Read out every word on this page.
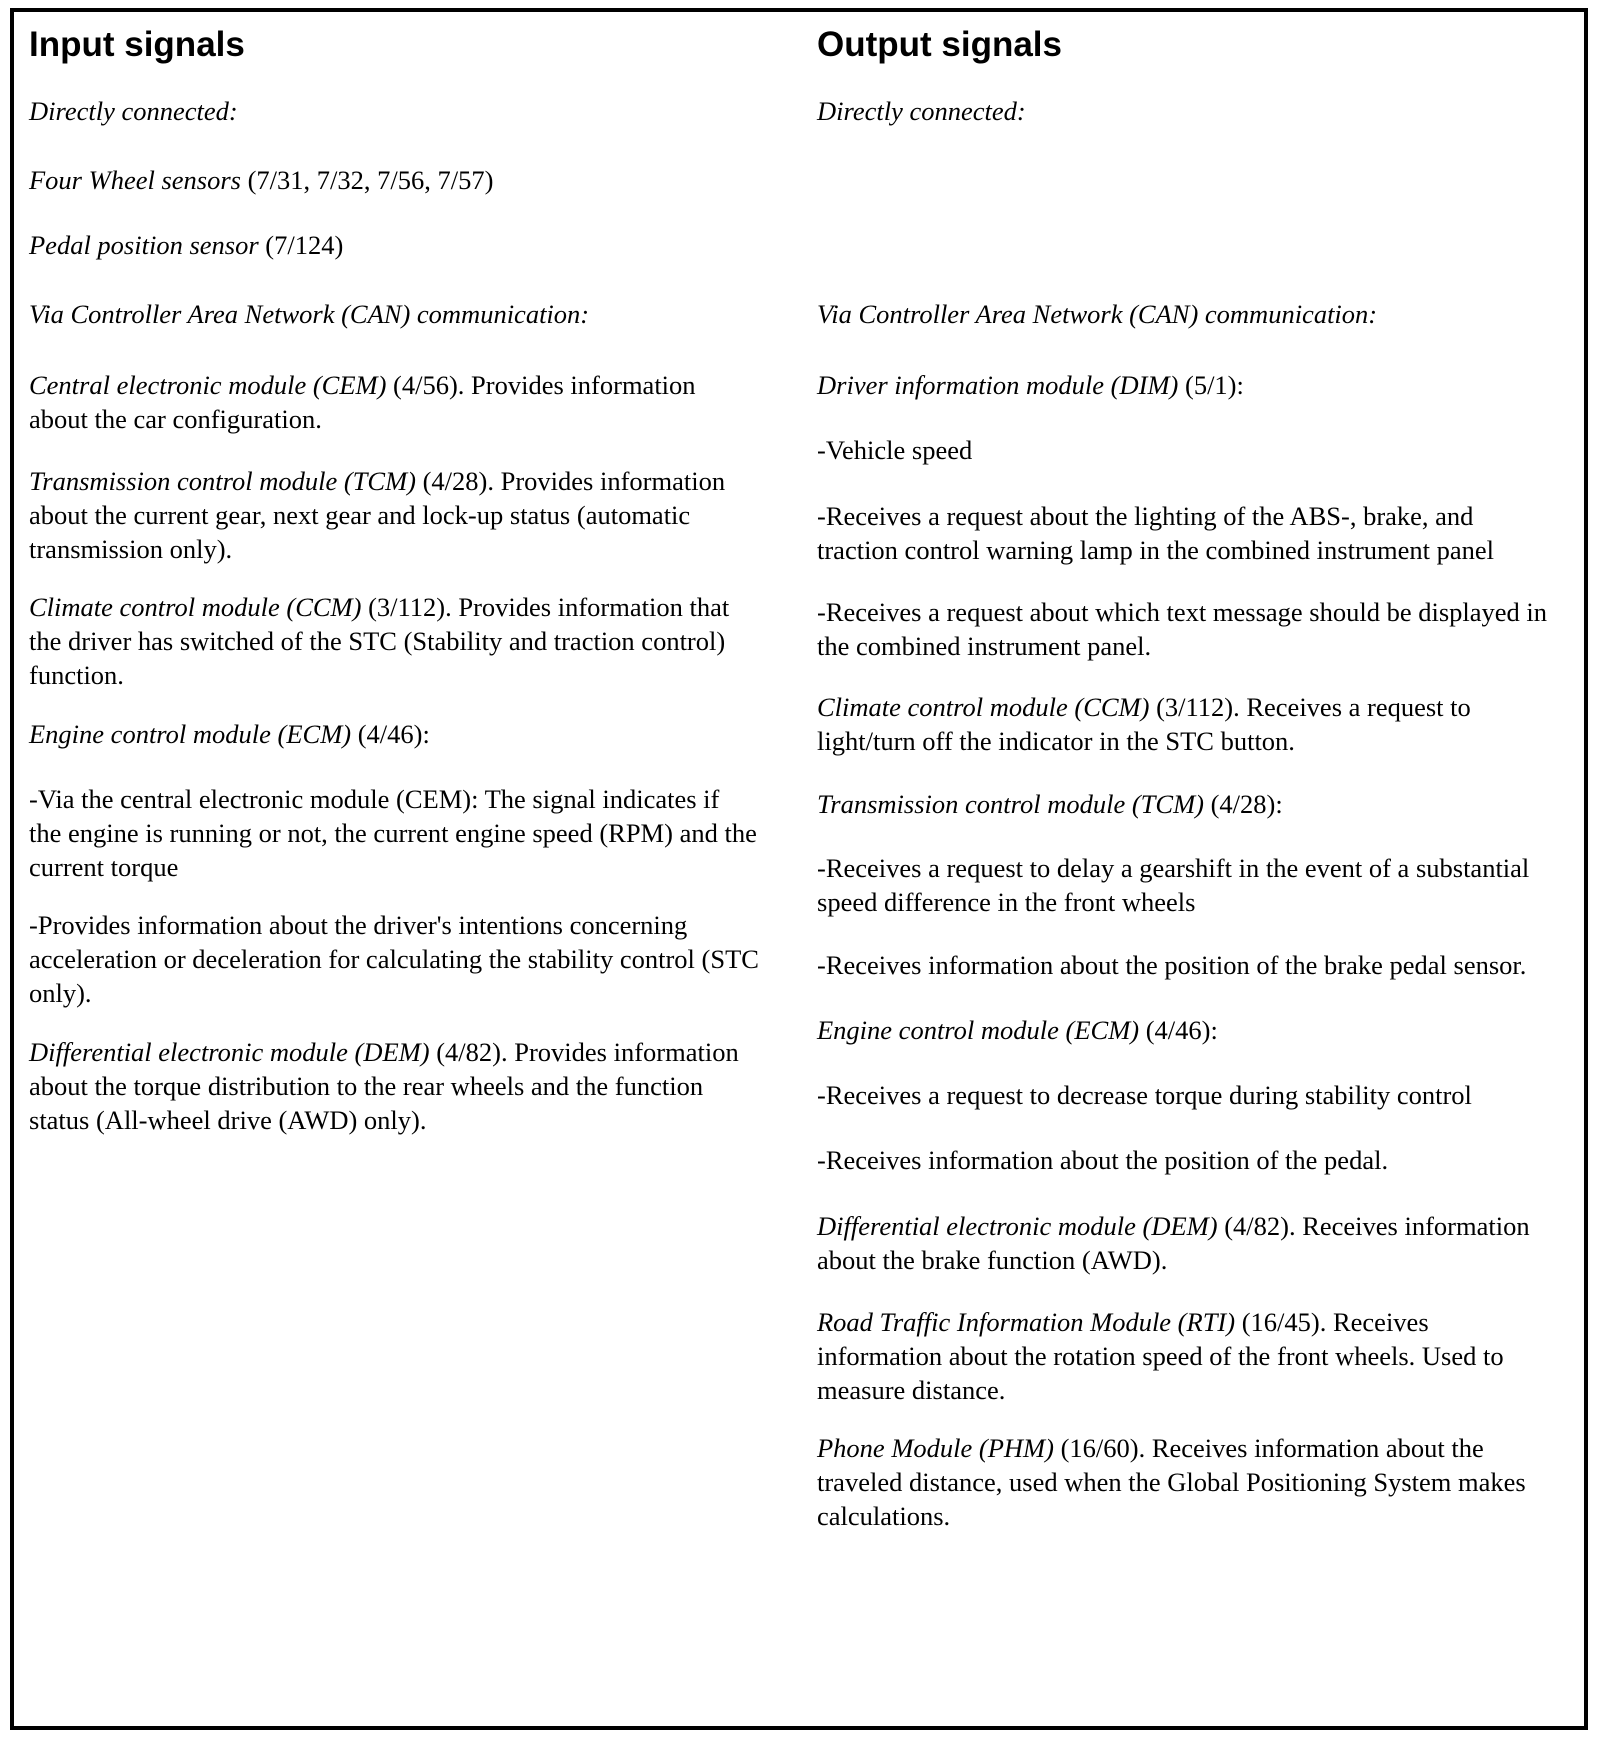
Input signals
Directly connected:
Four Wheel sensors (7/31, 7/32, 7/56, 7/57)
Pedal position sensor (7/124)
Via Controller Area Network (CAN) communication:
Central electronic module (CEM) (4/56). Provides information
about the car configuration.
Transmission control module (TCM) (4/28). Provides information
about the current gear, next gear and lock-up status (automatic
transmission only).
Climate control module (CCM) (3/112). Provides information that
the driver has switched of the STC (Stability and traction control)
function.
Engine control module (ECM) (4/46):
-Via the central electronic module (CEM): The signal indicates if
the engine is running or not, the current engine speed (RPM) and the
current torque
-Provides information about the driver's intentions concerning
acceleration or deceleration for calculating the stability control (STC
only).
Differential electronic module (DEM) (4/82). Provides information
about the torque distribution to the rear wheels and the function
status (All-wheel drive (AWD) only).
Output signals
Directly connected:
Via Controller Area Network (CAN) communication:
Driver information module (DIM) (5/1):
-Vehicle speed
-Receives a request about the lighting of the ABS-, brake, and
traction control warning lamp in the combined instrument panel
-Receives a request about which text message should be displayed in
the combined instrument panel.
Climate control module (CCM) (3/112). Receives a request to
light/turn off the indicator in the STC button.
Transmission control module (TCM) (4/28):
-Receives a request to delay a gearshift in the event of a substantial
speed difference in the front wheels
-Receives information about the position of the brake pedal sensor.
Engine control module (ECM) (4/46):
-Receives a request to decrease torque during stability control
-Receives information about the position of the pedal.
Differential electronic module (DEM) (4/82). Receives information
about the brake function (AWD).
Road Traffic Information Module (RTI) (16/45). Receives
information about the rotation speed of the front wheels. Used to
measure distance.
Phone Module (PHM) (16/60). Receives information about the
traveled distance, used when the Global Positioning System makes
calculations.
